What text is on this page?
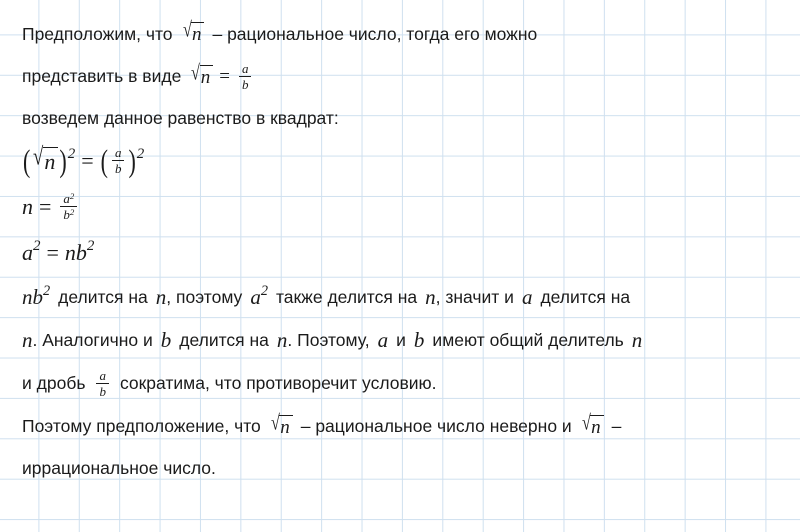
Предположим, что √ n – рациональное число, тогда его можно
представить в виде √ $n = \frac{a}{b}$
возведем данное равенство в квадрат:
( √ n ) 2 = ( $\frac{a}{b}$ ) 2
$n = \frac{a^2}{b^2}$
a 2 = n b 2
n b 2 делится на n , поэтому a 2 также делится на n , значит и a делится на
n . Аналогично и b делится на n . Поэтому, a и b имеют общий делитель n
и дробь $\frac{a}{b}$ сократима, что противоречит условию.
Поэтому предположение, что √ n – рациональное число неверно и √ n –
иррациональное число.
